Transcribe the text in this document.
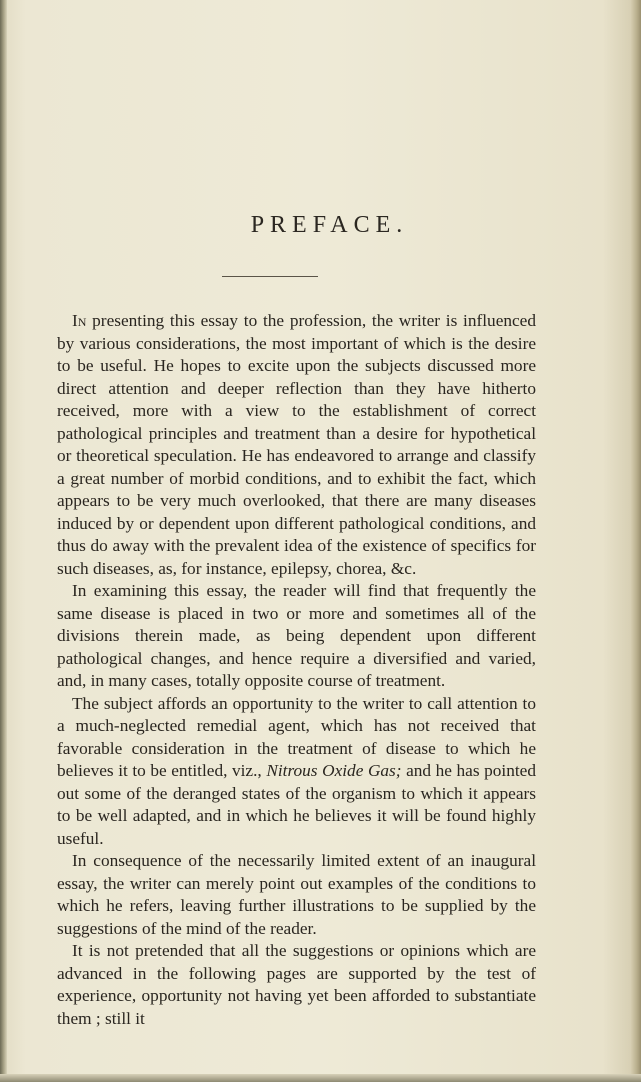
PREFACE.

In presenting this essay to the profession, the writer is influenced by various considerations, the most important of which is the desire to be useful. He hopes to excite upon the subjects discussed more direct attention and deeper reflection than they have hitherto received, more with a view to the establishment of correct pathological principles and treatment than a desire for hypothetical or theoretical speculation. He has endeavored to arrange and classify a great number of morbid conditions, and to exhibit the fact, which appears to be very much overlooked, that there are many diseases induced by or dependent upon different pathological conditions, and thus do away with the prevalent idea of the existence of specifics for such diseases, as, for instance, epilepsy, chorea, &c.

In examining this essay, the reader will find that frequently the same disease is placed in two or more and sometimes all of the divisions therein made, as being dependent upon different pathological changes, and hence require a diversified and varied, and, in many cases, totally opposite course of treatment.

The subject affords an opportunity to the writer to call attention to a much-neglected remedial agent, which has not received that favorable consideration in the treatment of disease to which he believes it to be entitled, viz., Nitrous Oxide Gas; and he has pointed out some of the deranged states of the organism to which it appears to be well adapted, and in which he believes it will be found highly useful.

In consequence of the necessarily limited extent of an inaugural essay, the writer can merely point out examples of the conditions to which he refers, leaving further illustrations to be supplied by the suggestions of the mind of the reader.

It is not pretended that all the suggestions or opinions which are advanced in the following pages are supported by the test of experience, opportunity not having yet been afforded to substantiate them ; still it
